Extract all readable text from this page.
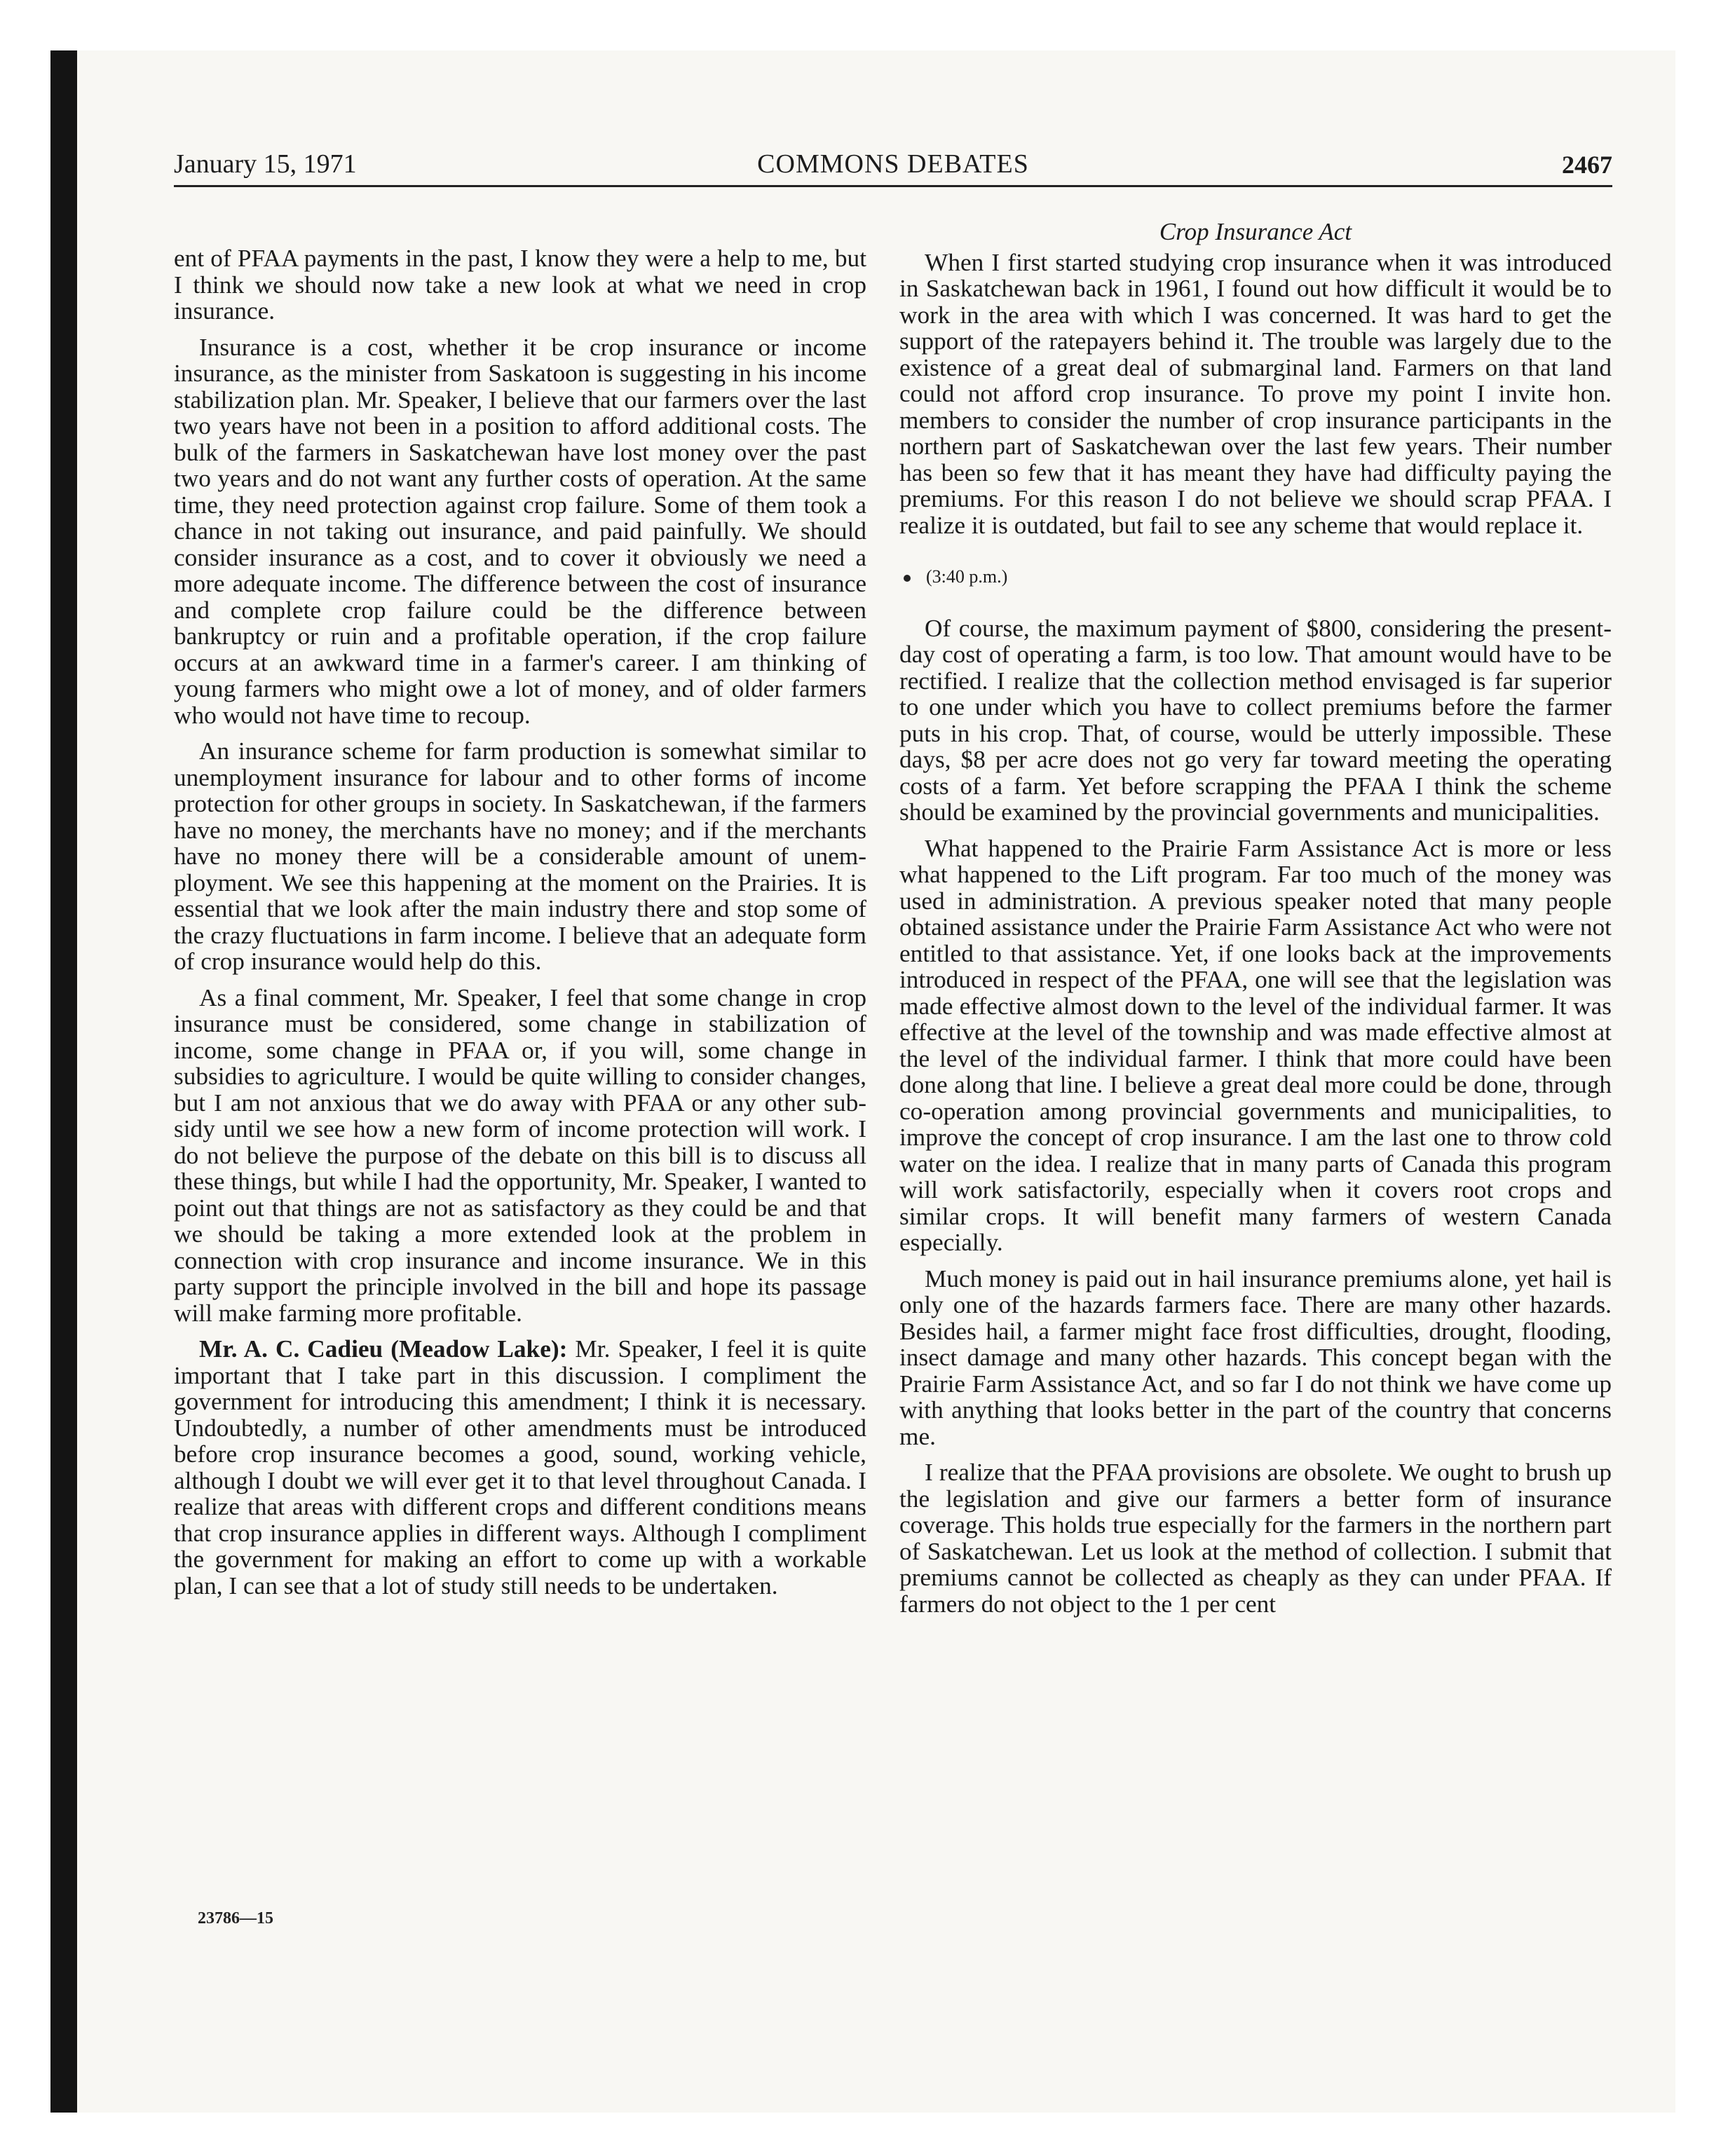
January 15, 1971	COMMONS DEBATES	2467

ent of PFAA payments in the past, I know they were a help to me, but I think we should now take a new look at what we need in crop insurance.

Insurance is a cost, whether it be crop insurance or income insurance, as the minister from Saskatoon is suggesting in his income stabilization plan. Mr. Speaker, I believe that our farmers over the last two years have not been in a position to afford additional costs. The bulk of the farmers in Saskatchewan have lost money over the past two years and do not want any further costs of operation. At the same time, they need protection against crop failure. Some of them took a chance in not taking out insurance, and paid painfully. We should consider insurance as a cost, and to cover it obviously we need a more adequate income. The difference between the cost of insurance and complete crop failure could be the difference between bankruptcy or ruin and a profitable operation, if the crop failure occurs at an awkward time in a farmer's career. I am thinking of young farmers who might owe a lot of money, and of older farmers who would not have time to recoup.

An insurance scheme for farm production is somewhat similar to unemployment insurance for labour and to other forms of income protection for other groups in society. In Saskatchewan, if the farmers have no money, the merchants have no money; and if the merchants have no money there will be a considerable amount of unemployment. We see this happening at the moment on the Prairies. It is essential that we look after the main industry there and stop some of the crazy fluctuations in farm income. I believe that an adequate form of crop insurance would help do this.

As a final comment, Mr. Speaker, I feel that some change in crop insurance must be considered, some change in stabilization of income, some change in PFAA or, if you will, some change in subsidies to agriculture. I would be quite willing to consider changes, but I am not anxious that we do away with PFAA or any other subsidy until we see how a new form of income protection will work. I do not believe the purpose of the debate on this bill is to discuss all these things, but while I had the opportunity, Mr. Speaker, I wanted to point out that things are not as satisfactory as they could be and that we should be taking a more extended look at the problem in connection with crop insurance and income insurance. We in this party support the principle involved in the bill and hope its passage will make farming more profitable.

Mr. A. C. Cadieu (Meadow Lake): Mr. Speaker, I feel it is quite important that I take part in this discussion. I compliment the government for introducing this amendment; I think it is necessary. Undoubtedly, a number of other amendments must be introduced before crop insurance becomes a good, sound, working vehicle, although I doubt we will ever get it to that level throughout Canada. I realize that areas with different crops and different conditions means that crop insurance applies in different ways. Although I compliment the government for making an effort to come up with a workable plan, I can see that a lot of study still needs to be undertaken.

23786—15
Crop Insurance Act

When I first started studying crop insurance when it was introduced in Saskatchewan back in 1961, I found out how difficult it would be to work in the area with which I was concerned. It was hard to get the support of the ratepayers behind it. The trouble was largely due to the existence of a great deal of submarginal land. Farmers on that land could not afford crop insurance. To prove my point I invite hon. members to consider the number of crop insurance participants in the northern part of Saskatchewan over the last few years. Their number has been so few that it has meant they have had difficulty paying the premiums. For this reason I do not believe we should scrap PFAA. I realize it is outdated, but fail to see any scheme that would replace it.

(3:40 p.m.)

Of course, the maximum payment of $800, considering the present-day cost of operating a farm, is too low. That amount would have to be rectified. I realize that the collection method envisaged is far superior to one under which you have to collect premiums before the farmer puts in his crop. That, of course, would be utterly impossible. These days, $8 per acre does not go very far toward meeting the operating costs of a farm. Yet before scrapping the PFAA I think the scheme should be examined by the provincial governments and municipalities.

What happened to the Prairie Farm Assistance Act is more or less what happened to the Lift program. Far too much of the money was used in administration. A previous speaker noted that many people obtained assistance under the Prairie Farm Assistance Act who were not entitled to that assistance. Yet, if one looks back at the improvements introduced in respect of the PFAA, one will see that the legislation was made effective almost down to the level of the individual farmer. It was effective at the level of the township and was made effective almost at the level of the individual farmer. I think that more could have been done along that line. I believe a great deal more could be done, through co-operation among provincial governments and municipalities, to improve the concept of crop insurance. I am the last one to throw cold water on the idea. I realize that in many parts of Canada this program will work satisfactorily, especially when it covers root crops and similar crops. It will benefit many farmers of western Canada especially.

Much money is paid out in hail insurance premiums alone, yet hail is only one of the hazards farmers face. There are many other hazards. Besides hail, a farmer might face frost difficulties, drought, flooding, insect damage and many other hazards. This concept began with the Prairie Farm Assistance Act, and so far I do not think we have come up with anything that looks better in the part of the country that concerns me.

I realize that the PFAA provisions are obsolete. We ought to brush up the legislation and give our farmers a better form of insurance coverage. This holds true especially for the farmers in the northern part of Saskatchewan. Let us look at the method of collection. I submit that premiums cannot be collected as cheaply as they can under PFAA. If farmers do not object to the 1 per cent
